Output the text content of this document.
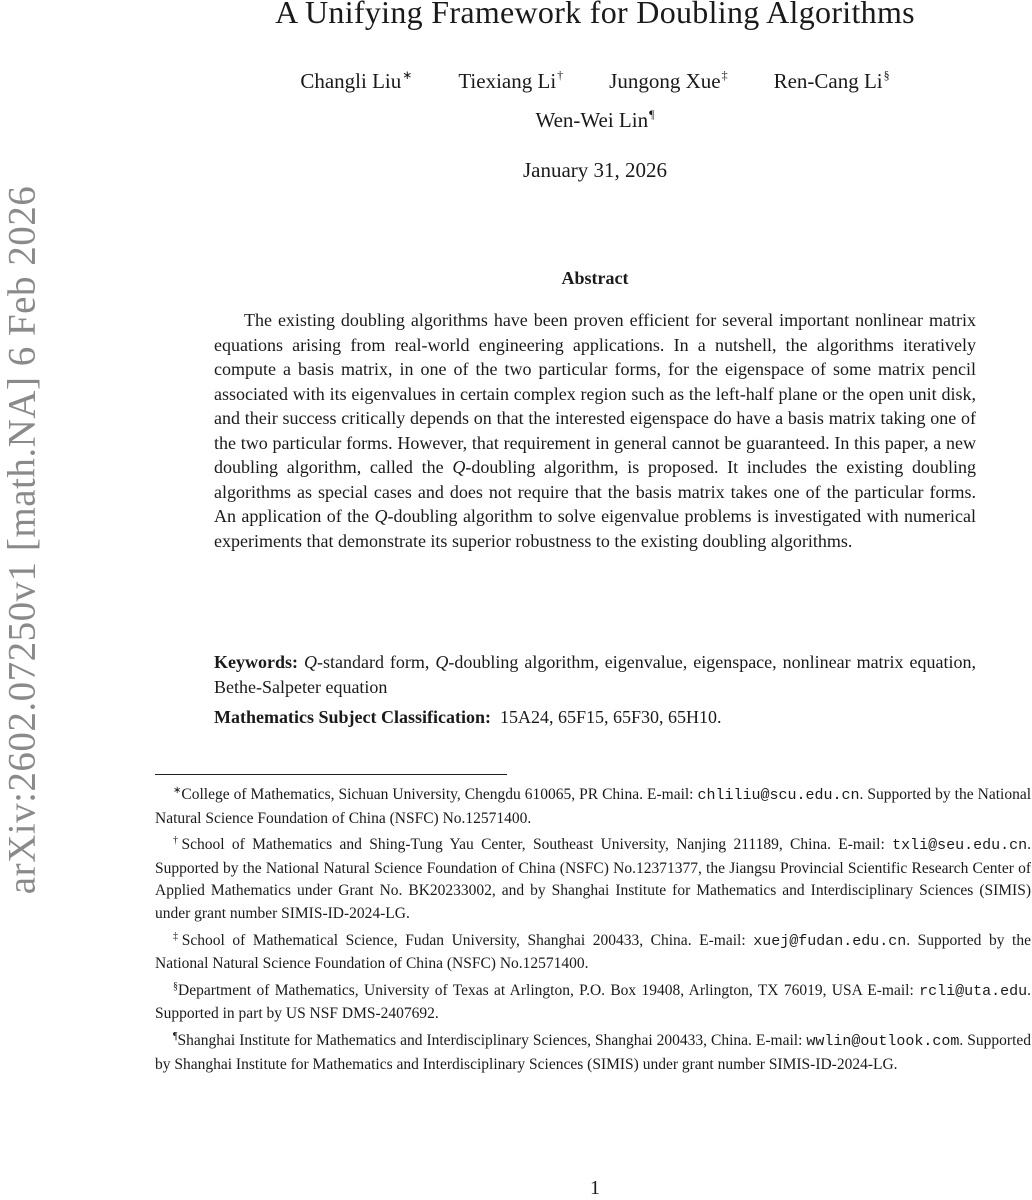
arXiv:2602.07250v1 [math.NA] 6 Feb 2026
A Unifying Framework for Doubling Algorithms
Changli Liu∗ Tiexiang Li† Jungong Xue‡ Ren-Cang Li§
Wen-Wei Lin¶
January 31, 2026
Abstract

The existing doubling algorithms have been proven efficient for several important nonlinear matrix equations arising from real-world engineering applications. In a nutshell, the algorithms iteratively compute a basis matrix, in one of the two particular forms, for the eigenspace of some matrix pencil associated with its eigenvalues in certain complex region such as the left-half plane or the open unit disk, and their success critically depends on that the interested eigenspace do have a basis matrix taking one of the two particular forms. However, that requirement in general cannot be guaranteed. In this paper, a new doubling algorithm, called the Q-doubling algorithm, is proposed. It includes the existing doubling algorithms as special cases and does not require that the basis matrix takes one of the particular forms. An application of the Q-doubling algorithm to solve eigenvalue problems is investigated with numerical experiments that demonstrate its superior robustness to the existing doubling algorithms.

Keywords: Q-standard form, Q-doubling algorithm, eigenvalue, eigenspace, nonlinear matrix equation, Bethe-Salpeter equation

Mathematics Subject Classification: 15A24, 65F15, 65F30, 65H10.

∗College of Mathematics, Sichuan University, Chengdu 610065, PR China. E-mail: chliliu@scu.edu.cn. Supported by the National Natural Science Foundation of China (NSFC) No.12571400.

†School of Mathematics and Shing-Tung Yau Center, Southeast University, Nanjing 211189, China. E-mail: txli@seu.edu.cn. Supported by the National Natural Science Foundation of China (NSFC) No.12371377, the Jiangsu Provincial Scientific Research Center of Applied Mathematics under Grant No. BK20233002, and by Shanghai Institute for Mathematics and Interdisciplinary Sciences (SIMIS) under grant number SIMIS-ID-2024-LG.

‡School of Mathematical Science, Fudan University, Shanghai 200433, China. E-mail: xuej@fudan.edu.cn. Supported by the National Natural Science Foundation of China (NSFC) No.12571400.

§Department of Mathematics, University of Texas at Arlington, P.O. Box 19408, Arlington, TX 76019, USA E-mail: rcli@uta.edu. Supported in part by US NSF DMS-2407692.

¶Shanghai Institute for Mathematics and Interdisciplinary Sciences, Shanghai 200433, China. E-mail: wwlin@outlook.com. Supported by Shanghai Institute for Mathematics and Interdisciplinary Sciences (SIMIS) under grant number SIMIS-ID-2024-LG.

1
